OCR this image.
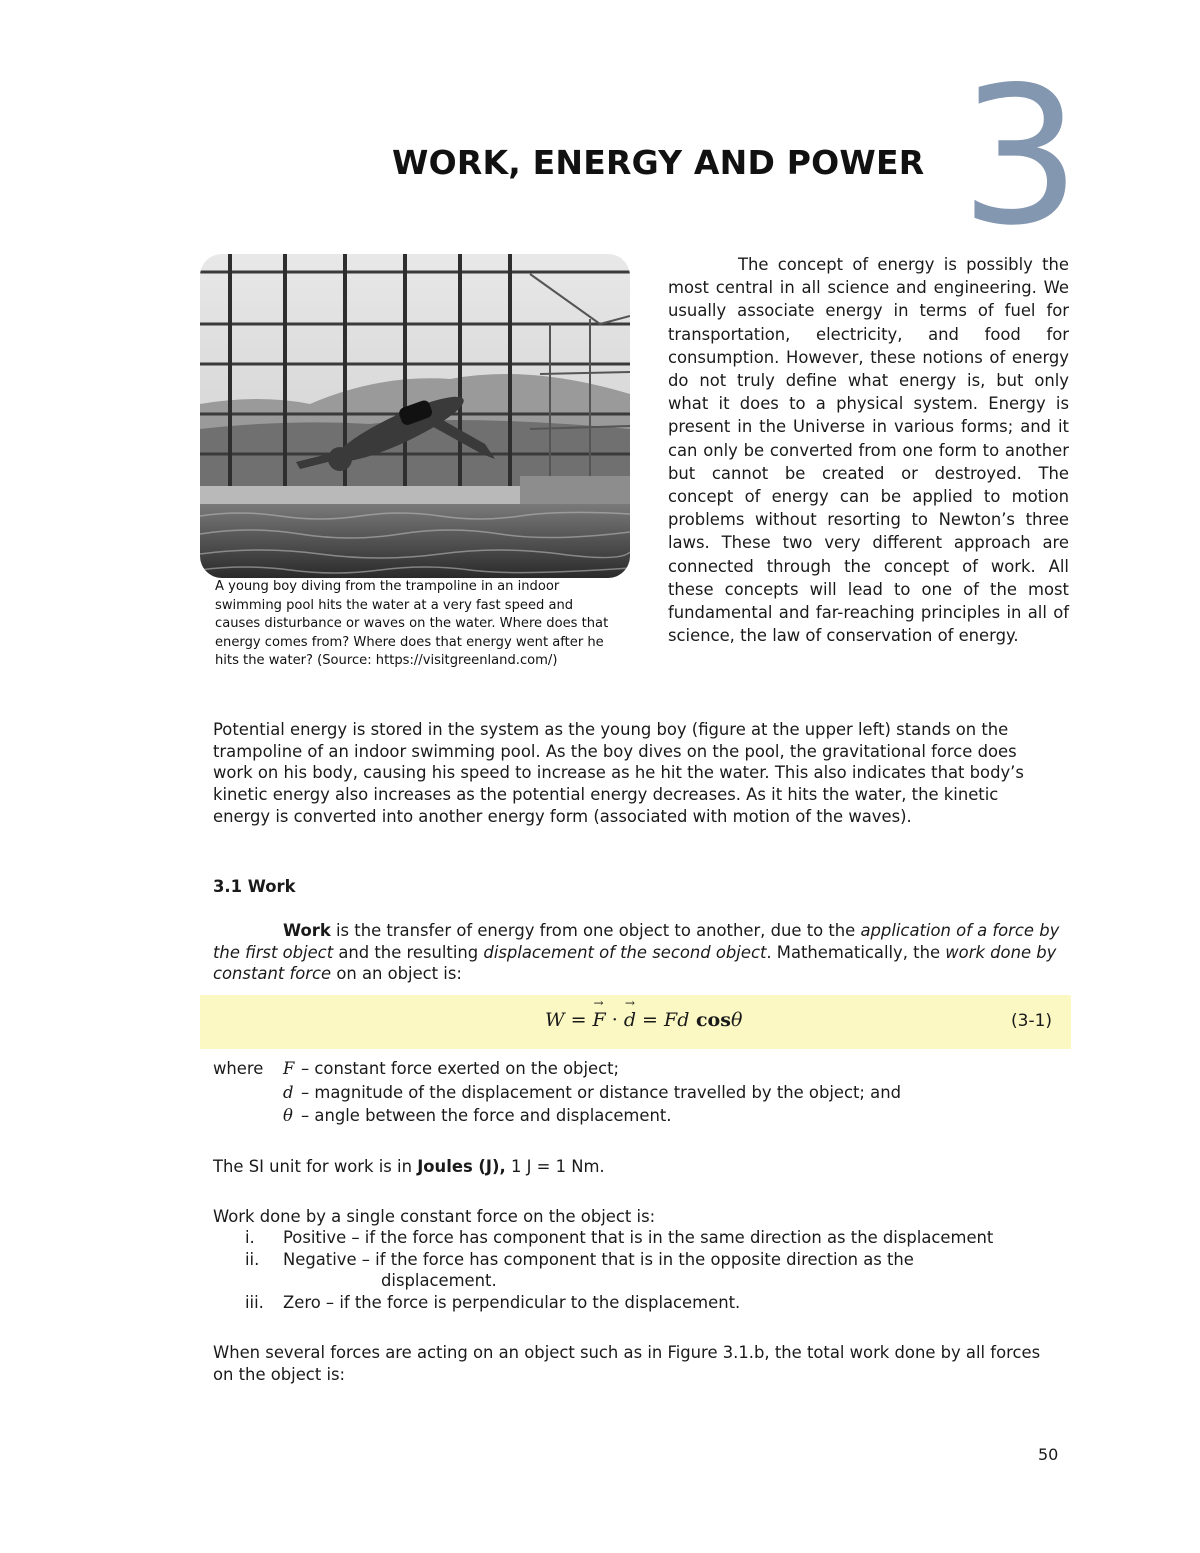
WORK, ENERGY AND POWER 3
A young boy diving from the trampoline in an indoor swimming pool hits the water at a very fast speed and causes disturbance or waves on the water. Where does that energy comes from? Where does that energy went after he hits the water? (Source: https://visitgreenland.com/)
The concept of energy is possibly the most central in all science and engineering. We usually associate energy in terms of fuel for transportation, electricity, and food for consumption. However, these notions of energy do not truly define what energy is, but only what it does to a physical system. Energy is present in the Universe in various forms; and it can only be converted from one form to another but cannot be created or destroyed. The concept of energy can be applied to motion problems without resorting to Newton’s three laws. These two very different approach are connected through the concept of work. All these concepts will lead to one of the most fundamental and far-reaching principles in all of science, the law of conservation of energy.
Potential energy is stored in the system as the young boy (figure at the upper left) stands on the trampoline of an indoor swimming pool. As the boy dives on the pool, the gravitational force does work on his body, causing his speed to increase as he hit the water. This also indicates that body’s kinetic energy also increases as the potential energy decreases. As it hits the water, the kinetic energy is converted into another energy form (associated with motion of the waves).
3.1 Work
Work is the transfer of energy from one object to another, due to the application of a force by the first object and the resulting displacement of the second object. Mathematically, the work done by constant force on an object is:
W = F → · d → = Fd cosθ	(3-1)
where F – constant force exerted on the object;
d – magnitude of the displacement or distance travelled by the object; and
θ – angle between the force and displacement.
The SI unit for work is in Joules (J), 1 J = 1 Nm.
Work done by a single constant force on the object is:
i. Positive – if the force has component that is in the same direction as the displacement
ii. Negative – if the force has component that is in the opposite direction as the
displacement.
iii. Zero – if the force is perpendicular to the displacement.
When several forces are acting on an object such as in Figure 3.1.b, the total work done by all forces on the object is:
50
